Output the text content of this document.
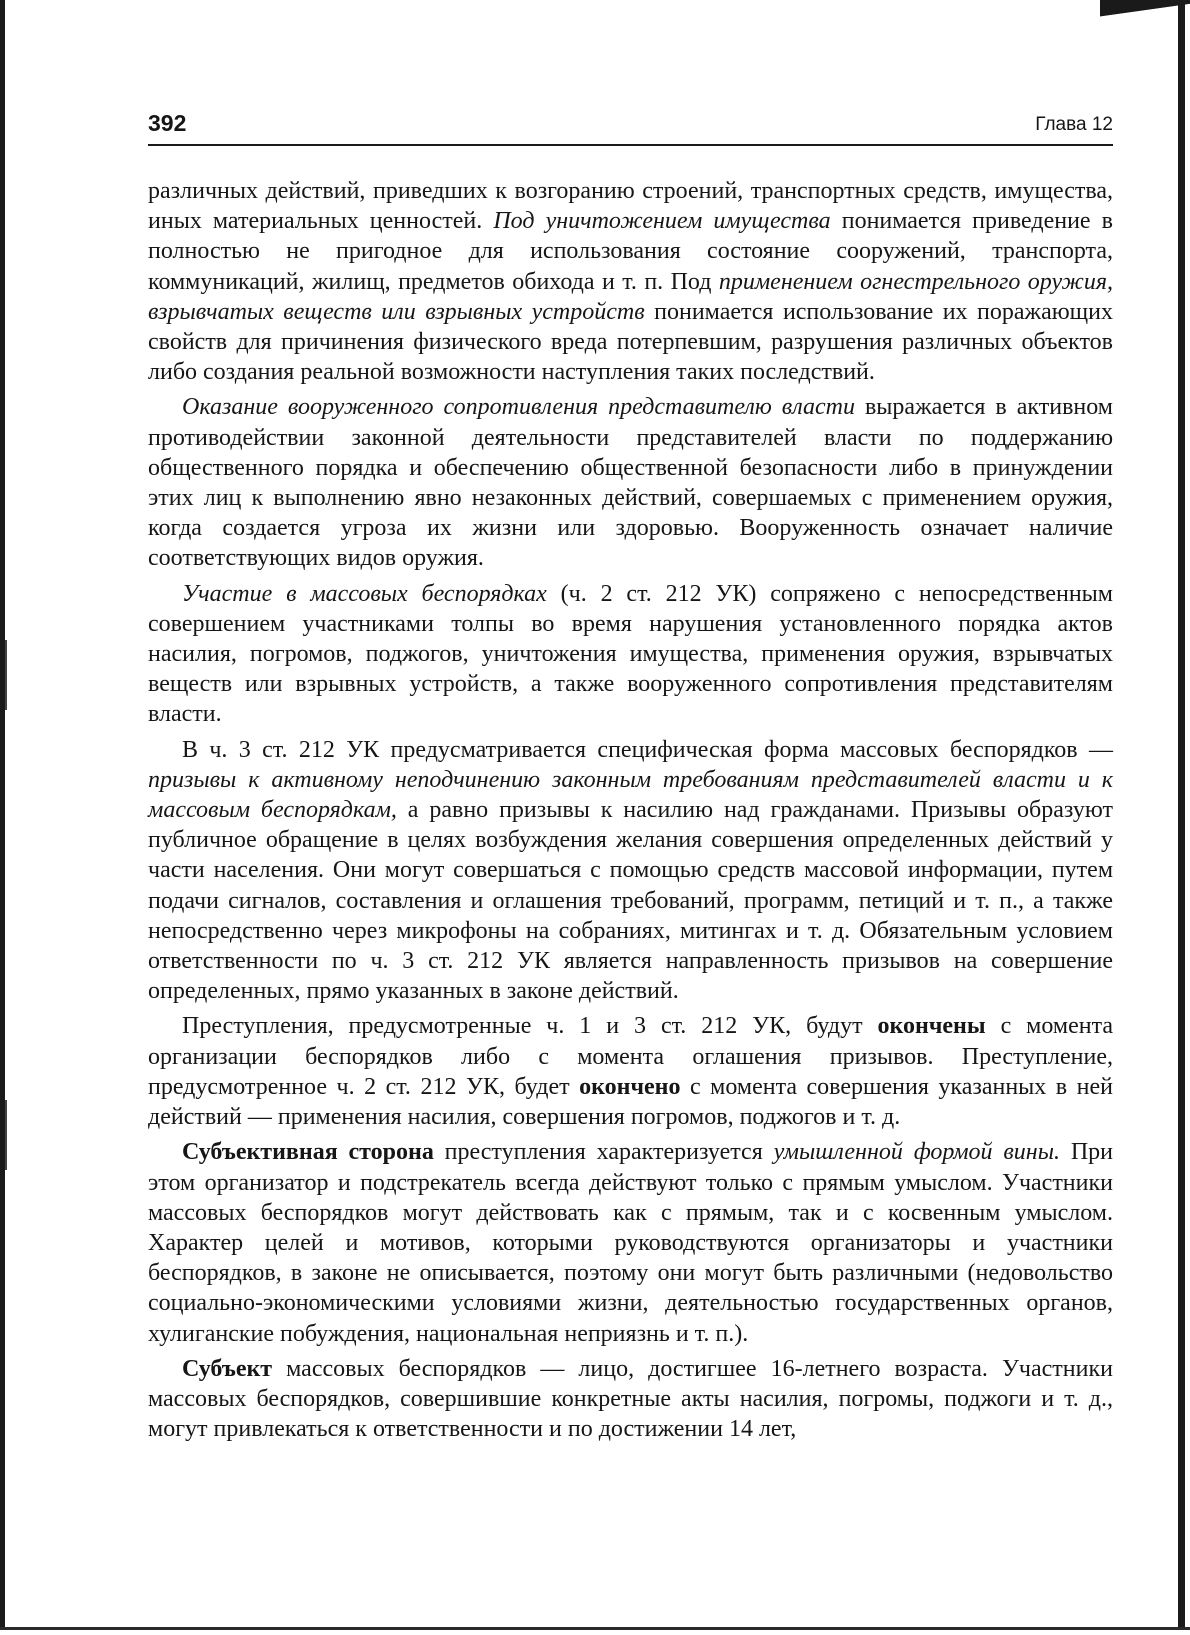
392	Глава 12

различных действий, приведших к возгоранию строений, транспортных средств, имущества, иных материальных ценностей. Под уничтожением имущества понимается приведение в полностью не пригодное для использования состояние сооружений, транспорта, коммуникаций, жилищ, предметов обихода и т. п. Под применением огнестрельного оружия, взрывчатых веществ или взрывных устройств понимается использование их поражающих свойств для причинения физического вреда потерпевшим, разрушения различных объектов либо создания реальной возможности наступления таких последствий.

Оказание вооруженного сопротивления представителю власти выражается в активном противодействии законной деятельности представителей власти по поддержанию общественного порядка и обеспечению общественной безопасности либо в принуждении этих лиц к выполнению явно незаконных действий, совершаемых с применением оружия, когда создается угроза их жизни или здоровью. Вооруженность означает наличие соответствующих видов оружия.

Участие в массовых беспорядках (ч. 2 ст. 212 УК) сопряжено с непосредственным совершением участниками толпы во время нарушения установленного порядка актов насилия, погромов, поджогов, уничтожения имущества, применения оружия, взрывчатых веществ или взрывных устройств, а также вооруженного сопротивления представителям власти.

В ч. 3 ст. 212 УК предусматривается специфическая форма массовых беспорядков — призывы к активному неподчинению законным требованиям представителей власти и к массовым беспорядкам, а равно призывы к насилию над гражданами. Призывы образуют публичное обращение в целях возбуждения желания совершения определенных действий у части населения. Они могут совершаться с помощью средств массовой информации, путем подачи сигналов, составления и оглашения требований, программ, петиций и т. п., а также непосредственно через микрофоны на собраниях, митингах и т. д. Обязательным условием ответственности по ч. 3 ст. 212 УК является направленность призывов на совершение определенных, прямо указанных в законе действий.

Преступления, предусмотренные ч. 1 и 3 ст. 212 УК, будут окончены с момента организации беспорядков либо с момента оглашения призывов. Преступление, предусмотренное ч. 2 ст. 212 УК, будет окончено с момента совершения указанных в ней действий — применения насилия, совершения погромов, поджогов и т. д.

Субъективная сторона преступления характеризуется умышленной формой вины. При этом организатор и подстрекатель всегда действуют только с прямым умыслом. Участники массовых беспорядков могут действовать как с прямым, так и с косвенным умыслом. Характер целей и мотивов, которыми руководствуются организаторы и участники беспорядков, в законе не описывается, поэтому они могут быть различными (недовольство социально-экономическими условиями жизни, деятельностью государственных органов, хулиганские побуждения, национальная неприязнь и т. п.).

Субъект массовых беспорядков — лицо, достигшее 16-летнего возраста. Участники массовых беспорядков, совершившие конкретные акты насилия, погромы, поджоги и т. д., могут привлекаться к ответственности и по достижении 14 лет,
